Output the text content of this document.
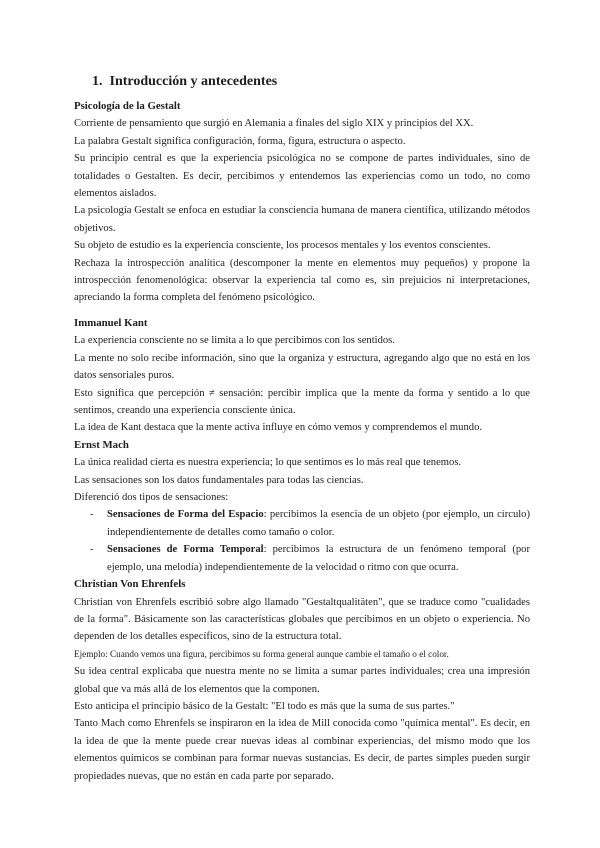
1. Introducción y antecedentes
Psicología de la Gestalt

Corriente de pensamiento que surgió en Alemania a finales del siglo XIX y principios del XX.

La palabra Gestalt significa configuración, forma, figura, estructura o aspecto.

Su principio central es que la experiencia psicológica no se compone de partes individuales, sino de totalidades o Gestalten. Es decir, percibimos y entendemos las experiencias como un todo, no como elementos aislados.

La psicología Gestalt se enfoca en estudiar la consciencia humana de manera científica, utilizando métodos objetivos.

Su objeto de estudio es la experiencia consciente, los procesos mentales y los eventos conscientes.

Rechaza la introspección analítica (descomponer la mente en elementos muy pequeños) y propone la introspección fenomenológica: observar la experiencia tal como es, sin prejuicios ni interpretaciones, apreciando la forma completa del fenómeno psicológico.

Immanuel Kant

La experiencia consciente no se limita a lo que percibimos con los sentidos.

La mente no solo recibe información, sino que la organiza y estructura, agregando algo que no está en los datos sensoriales puros.

Esto significa que percepción ≠ sensación: percibir implica que la mente da forma y sentido a lo que sentimos, creando una experiencia consciente única.

La idea de Kant destaca que la mente activa influye en cómo vemos y comprendemos el mundo.

Ernst Mach

La única realidad cierta es nuestra experiencia; lo que sentimos es lo más real que tenemos.

Las sensaciones son los datos fundamentales para todas las ciencias.

Diferenció dos tipos de sensaciones:

- Sensaciones de Forma del Espacio: percibimos la esencia de un objeto (por ejemplo, un círculo) independientemente de detalles como tamaño o color.

- Sensaciones de Forma Temporal: percibimos la estructura de un fenómeno temporal (por ejemplo, una melodía) independientemente de la velocidad o ritmo con que ocurra.

Christian Von Ehrenfels

Christian von Ehrenfels escribió sobre algo llamado "Gestaltqualitäten", que se traduce como "cualidades de la forma". Básicamente son las características globales que percibimos en un objeto o experiencia. No dependen de los detalles específicos, sino de la estructura total.

Ejemplo: Cuando vemos una figura, percibimos su forma general aunque cambie el tamaño o el color.

Su idea central explicaba que nuestra mente no se limita a sumar partes individuales; crea una impresión global que va más allá de los elementos que la componen.

Esto anticipa el principio básico de la Gestalt: "El todo es más que la suma de sus partes."

Tanto Mach como Ehrenfels se inspiraron en la idea de Mill conocida como "química mental". Es decir, en la idea de que la mente puede crear nuevas ideas al combinar experiencias, del mismo modo que los elementos químicos se combinan para formar nuevas sustancias. Es decir, de partes simples pueden surgir propiedades nuevas, que no están en cada parte por separado.
